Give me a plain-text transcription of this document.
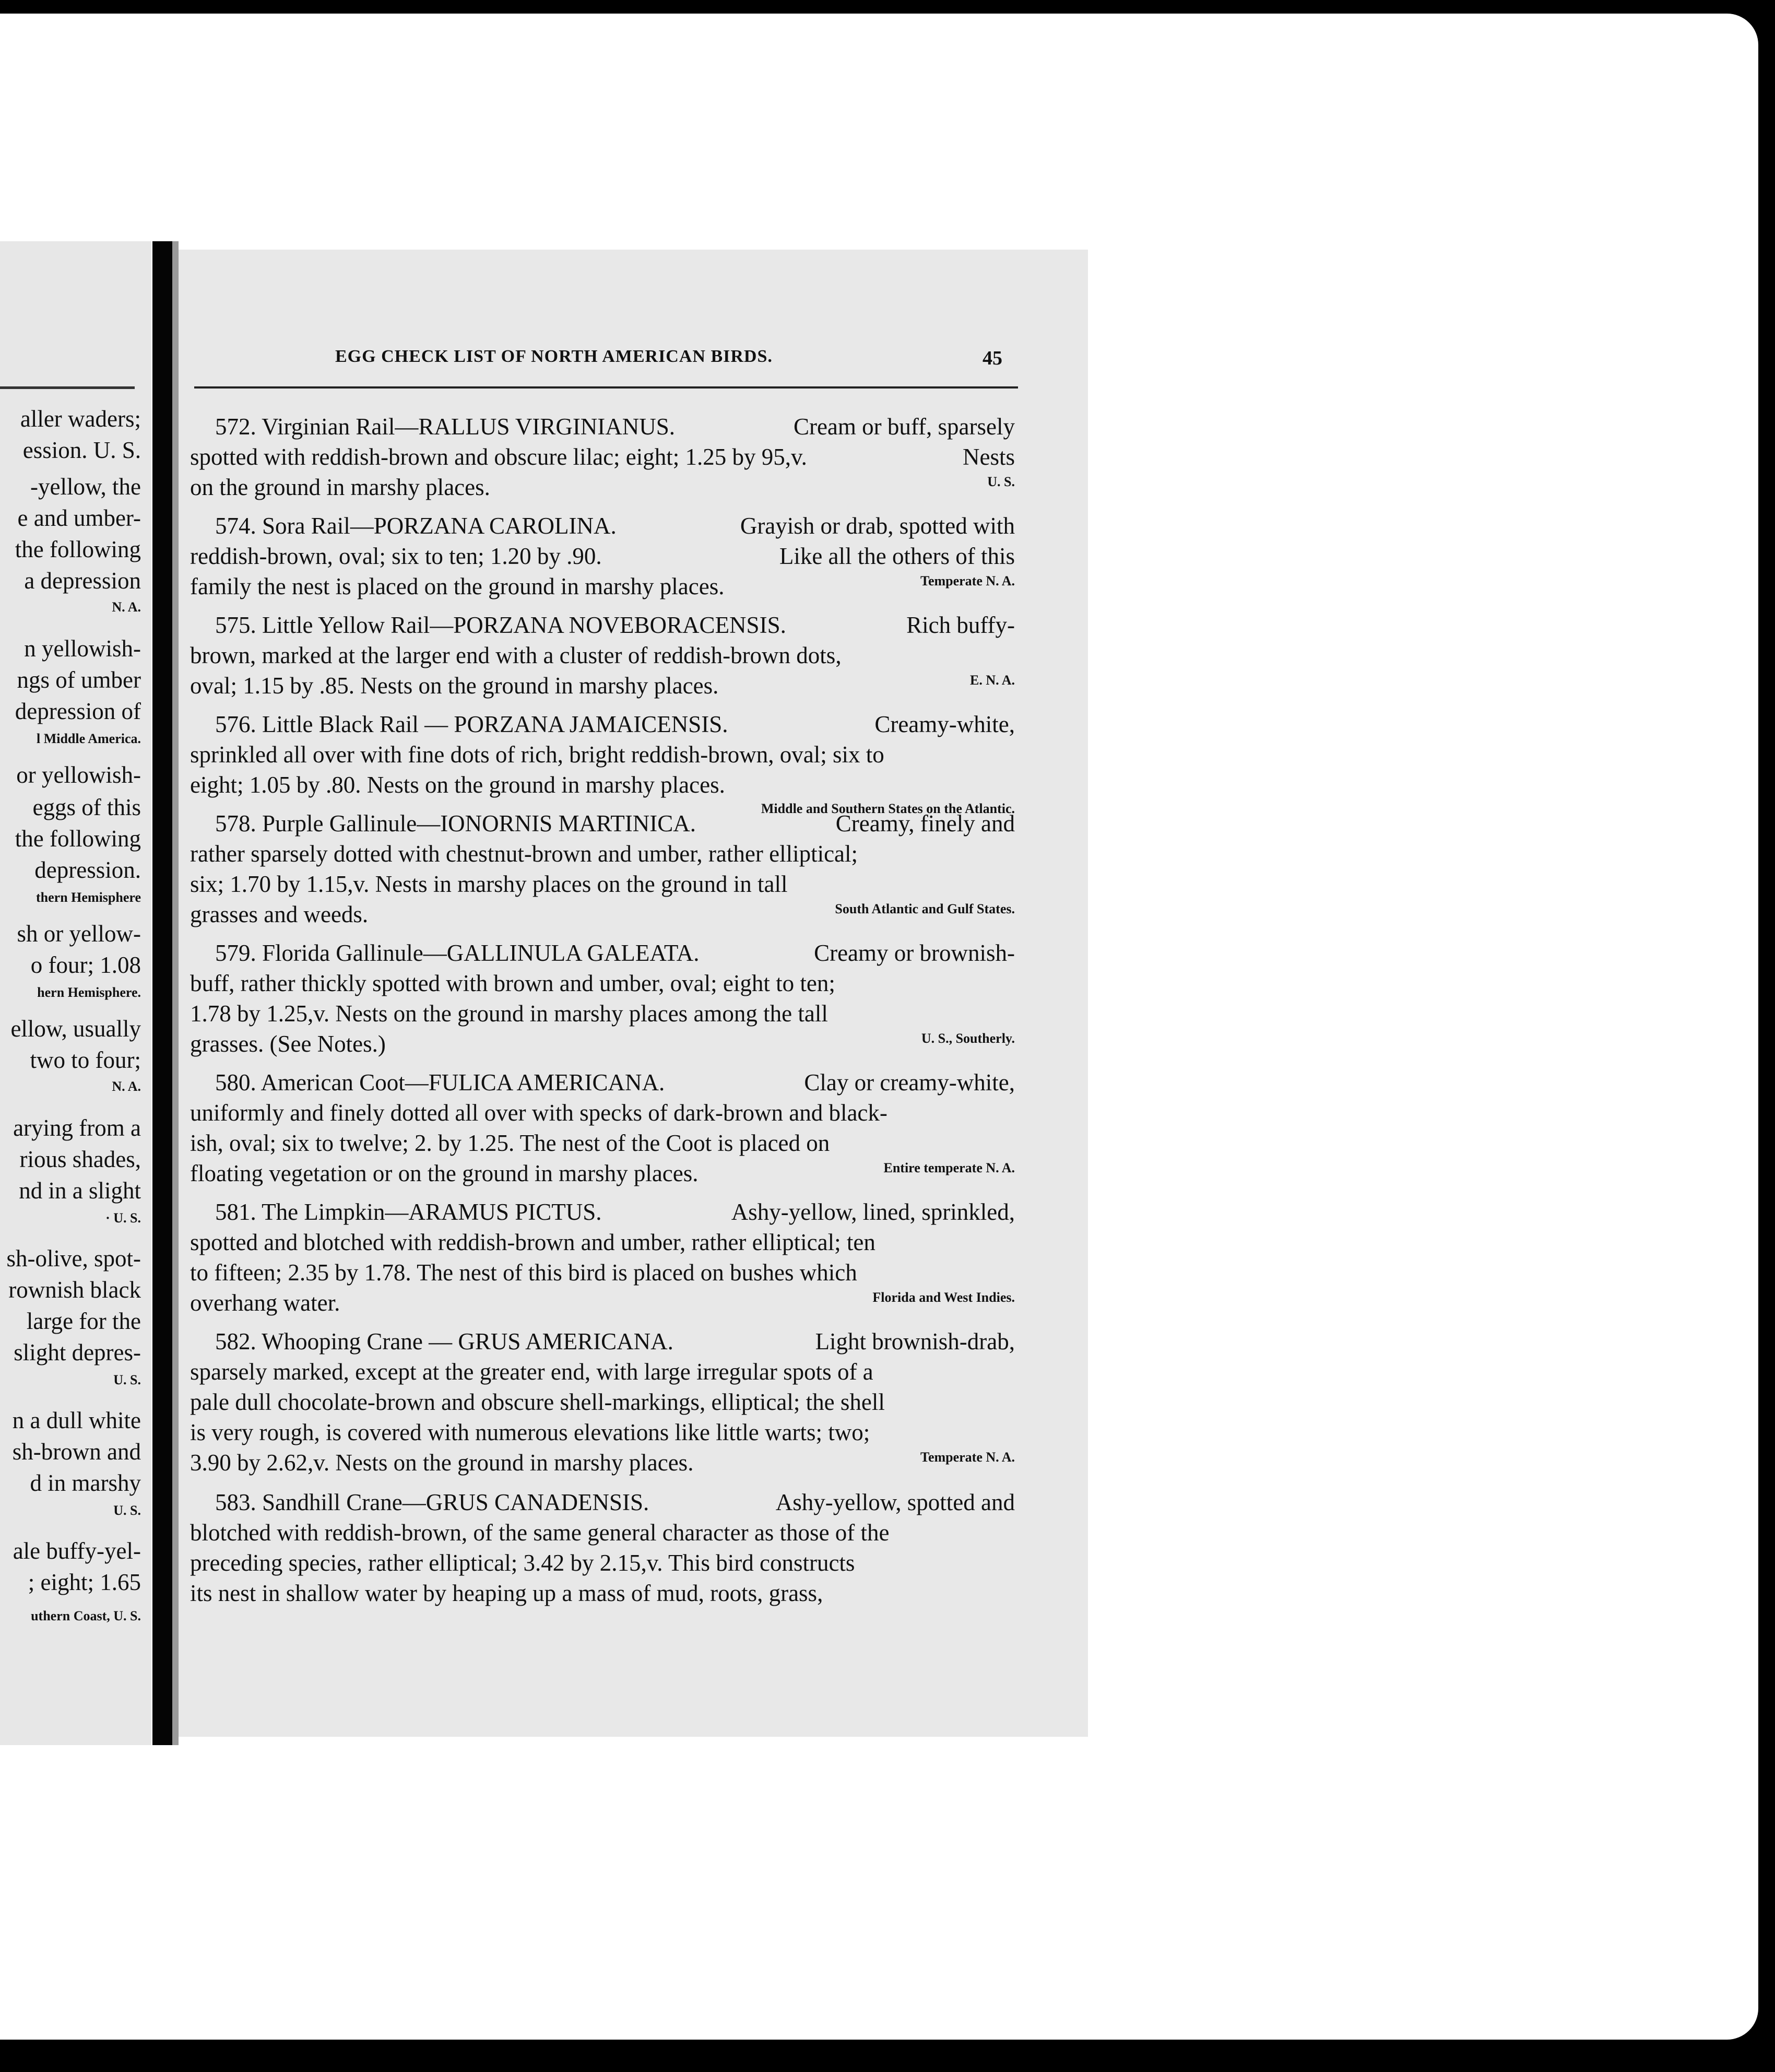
aller waders;
ession. U. S.
-yellow, the
e and umber-
the following
a depression
N. A.
n yellowish-
ngs of umber
depression of
l Middle America.
or yellowish-
eggs of this
the following
depression.
thern Hemisphere
sh or yellow-
o four; 1.08
hern Hemisphere.
ellow, usually
two to four;
N. A.
arying from a
rious shades,
nd in a slight
· U. S.
sh-olive, spot-
rownish black
large for the
slight depres-
U. S.
n a dull white
sh-brown and
d in marshy
U. S.
ale buffy-yel-
; eight; 1.65
uthern Coast, U. S.
EGG CHECK LIST OF NORTH AMERICAN BIRDS.	45
572. Virginian Rail—RALLUS VIRGINIANUS.	Cream or buff, sparsely
spotted with reddish-brown and obscure lilac; eight; 1.25 by 95,v.	Nests
on the ground in marshy places.	U. S.
574. Sora Rail—PORZANA CAROLINA.	Grayish or drab, spotted with
reddish-brown, oval; six to ten; 1.20 by .90.	Like all the others of this
family the nest is placed on the ground in marshy places.	Temperate N. A.
575. Little Yellow Rail—PORZANA NOVEBORACENSIS.	Rich buffy-
brown, marked at the larger end with a cluster of reddish-brown dots,
oval; 1.15 by .85. Nests on the ground in marshy places.	E. N. A.
576. Little Black Rail — PORZANA JAMAICENSIS.	Creamy-white,
sprinkled all over with fine dots of rich, bright reddish-brown, oval; six to
eight; 1.05 by .80. Nests on the ground in marshy places.
Middle and Southern States on the Atlantic.
578. Purple Gallinule—IONORNIS MARTINICA.	Creamy, finely and
rather sparsely dotted with chestnut-brown and umber, rather elliptical;
six; 1.70 by 1.15,v. Nests in marshy places on the ground in tall
grasses and weeds.	South Atlantic and Gulf States.
579. Florida Gallinule—GALLINULA GALEATA.	Creamy or brownish-
buff, rather thickly spotted with brown and umber, oval; eight to ten;
1.78 by 1.25,v. Nests on the ground in marshy places among the tall
grasses. (See Notes.)	U. S., Southerly.
580. American Coot—FULICA AMERICANA.	Clay or creamy-white,
uniformly and finely dotted all over with specks of dark-brown and black-
ish, oval; six to twelve; 2. by 1.25. The nest of the Coot is placed on
floating vegetation or on the ground in marshy places.	Entire temperate N. A.
581. The Limpkin—ARAMUS PICTUS.	Ashy-yellow, lined, sprinkled,
spotted and blotched with reddish-brown and umber, rather elliptical; ten
to fifteen; 2.35 by 1.78. The nest of this bird is placed on bushes which
overhang water.	Florida and West Indies.
582. Whooping Crane — GRUS AMERICANA.	Light brownish-drab,
sparsely marked, except at the greater end, with large irregular spots of a
pale dull chocolate-brown and obscure shell-markings, elliptical; the shell
is very rough, is covered with numerous elevations like little warts; two;
3.90 by 2.62,v. Nests on the ground in marshy places.	Temperate N. A.
583. Sandhill Crane—GRUS CANADENSIS.	Ashy-yellow, spotted and
blotched with reddish-brown, of the same general character as those of the
preceding species, rather elliptical; 3.42 by 2.15,v. This bird constructs
its nest in shallow water by heaping up a mass of mud, roots, grass,
